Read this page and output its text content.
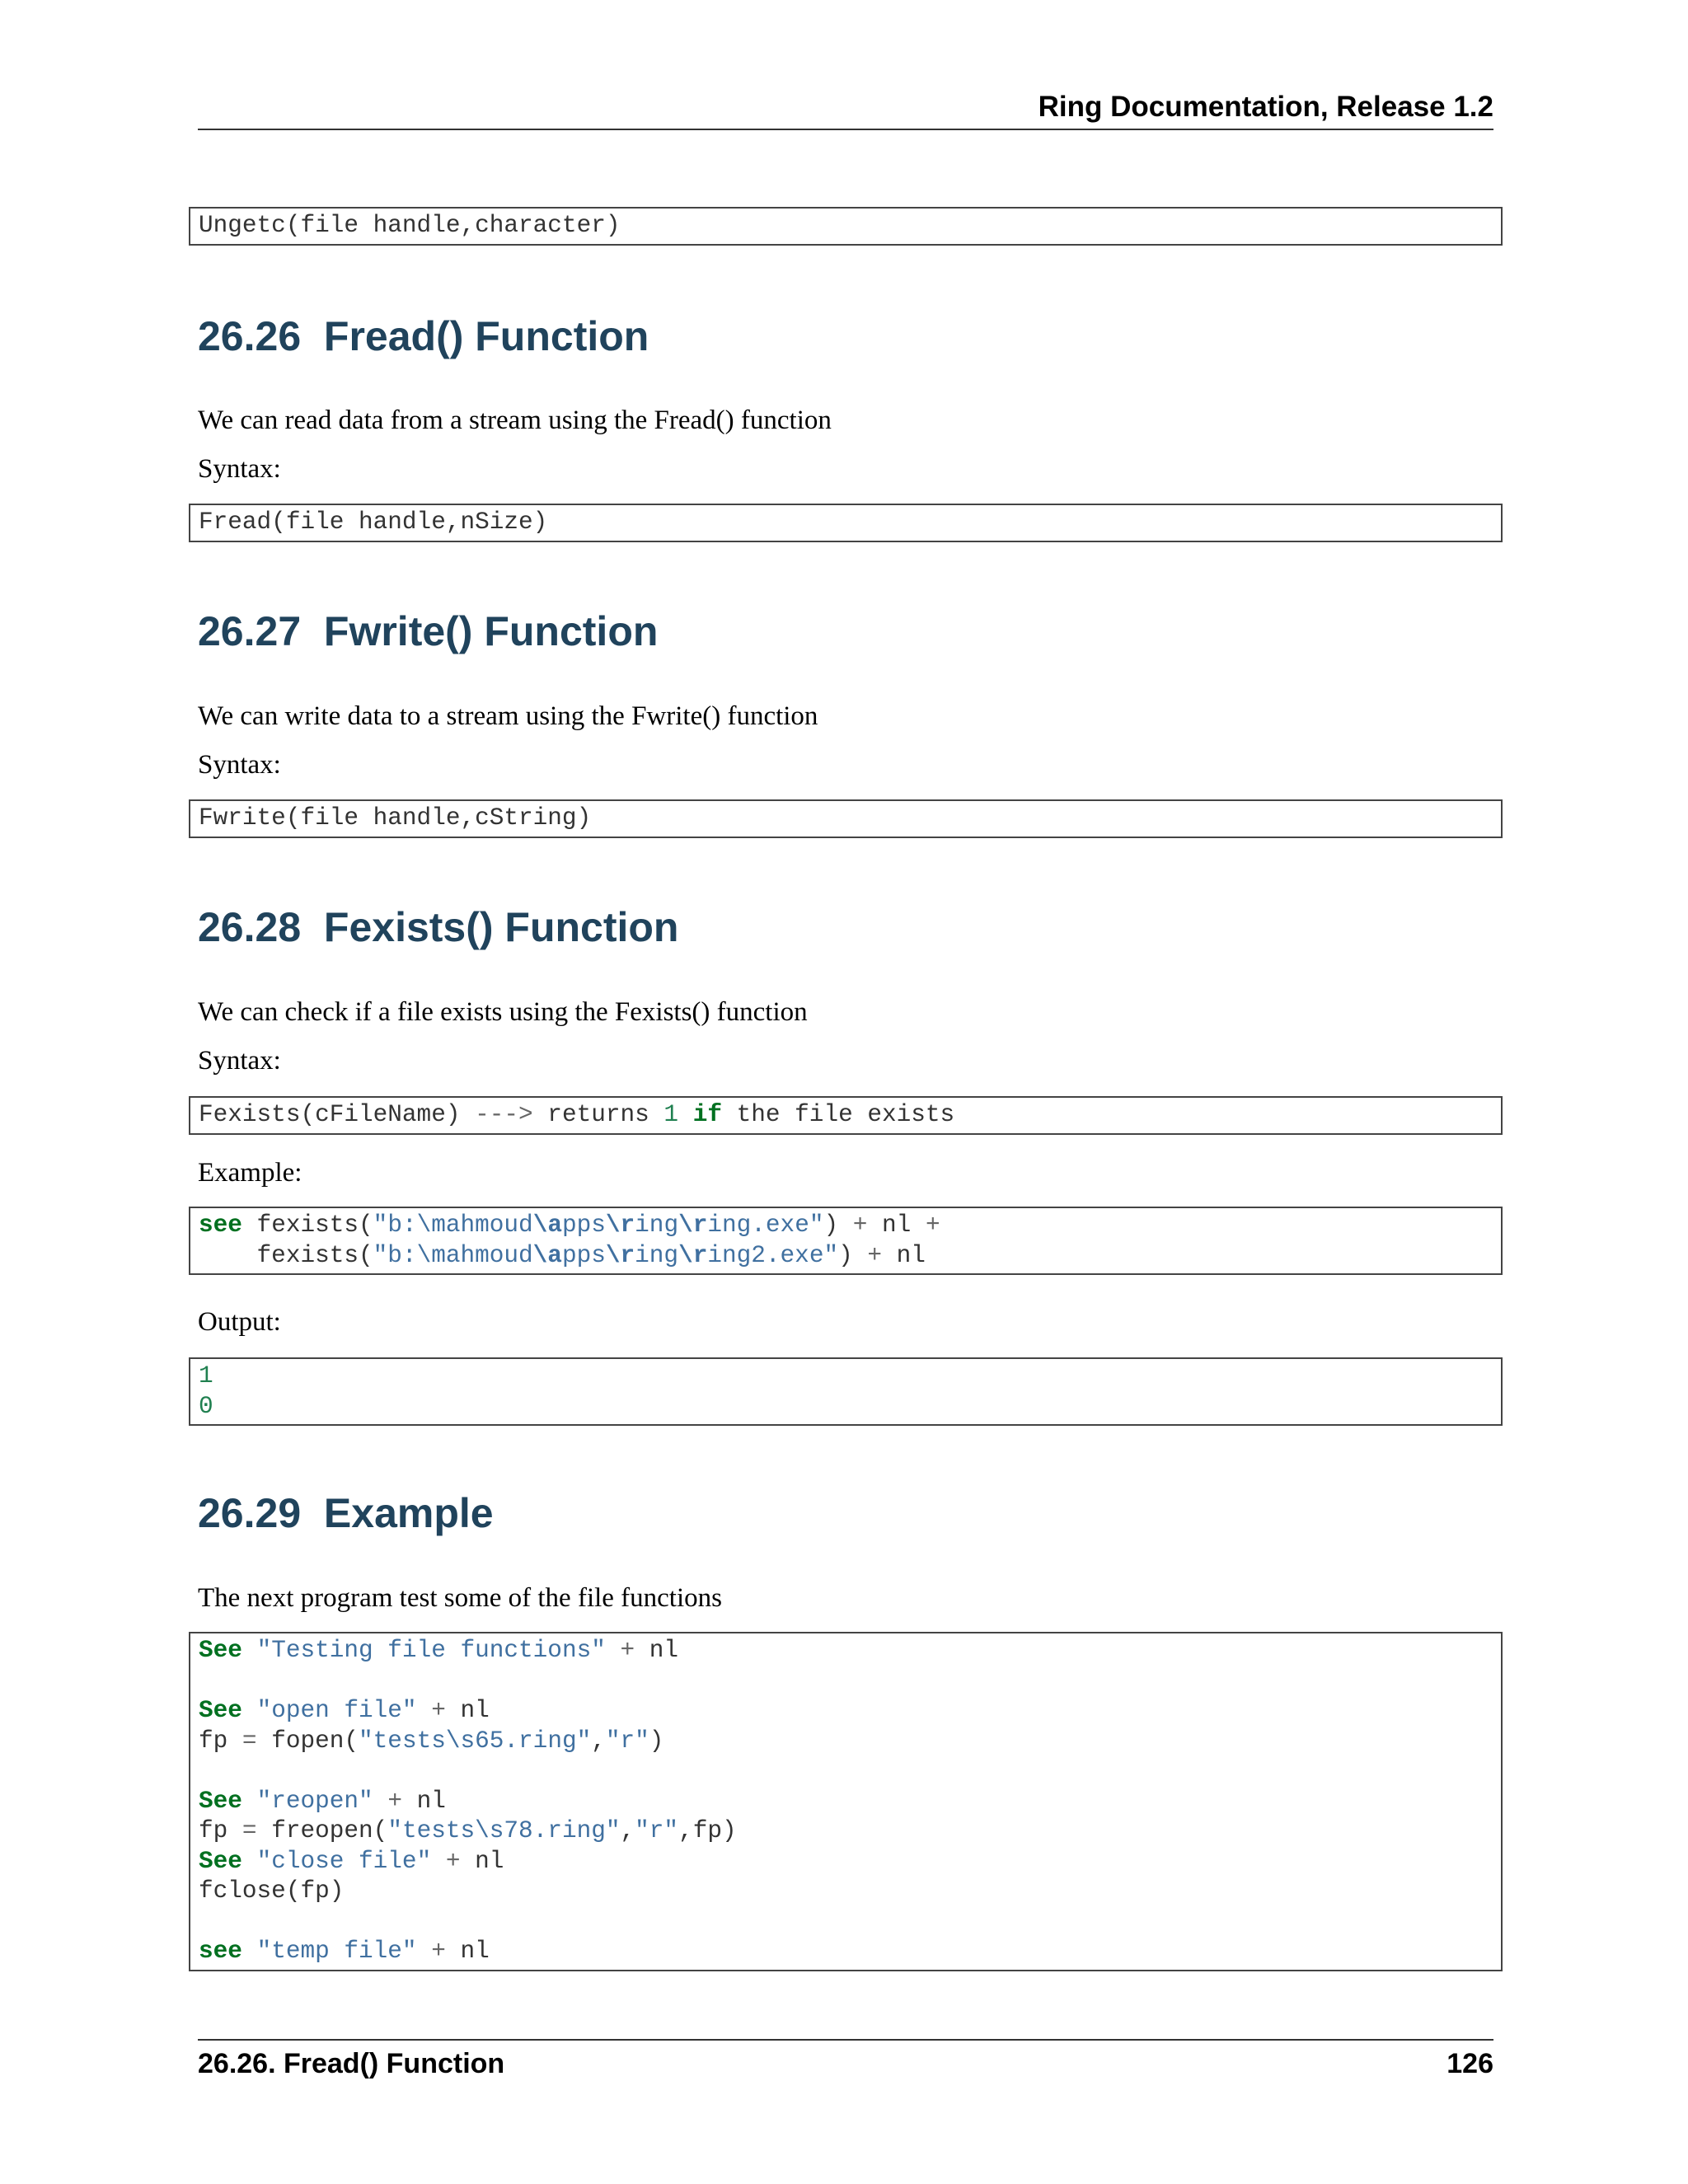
Ring Documentation, Release 1.2
Ungetc(file handle,character)
26.26  Fread() Function

We can read data from a stream using the Fread() function

Syntax:

Fread(file handle,nSize)
26.27  Fwrite() Function

We can write data to a stream using the Fwrite() function

Syntax:

Fwrite(file handle,cString)
26.28  Fexists() Function

We can check if a file exists using the Fexists() function

Syntax:

Fexists(cFileName) ---> returns 1 if the file exists

Example:

see fexists("b:\mahmoud\apps\ring\ring.exe") + nl +
fexists("b:\mahmoud\apps\ring\ring2.exe") + nl

Output:

1
0
26.29  Example

The next program test some of the file functions

See "Testing file functions" + nl

See "open file" + nl
fp = fopen("tests\s65.ring","r")

See "reopen" + nl
fp = freopen("tests\s78.ring","r",fp)
See "close file" + nl
fclose(fp)

see "temp file" + nl
26.26. Fread() Function	126
